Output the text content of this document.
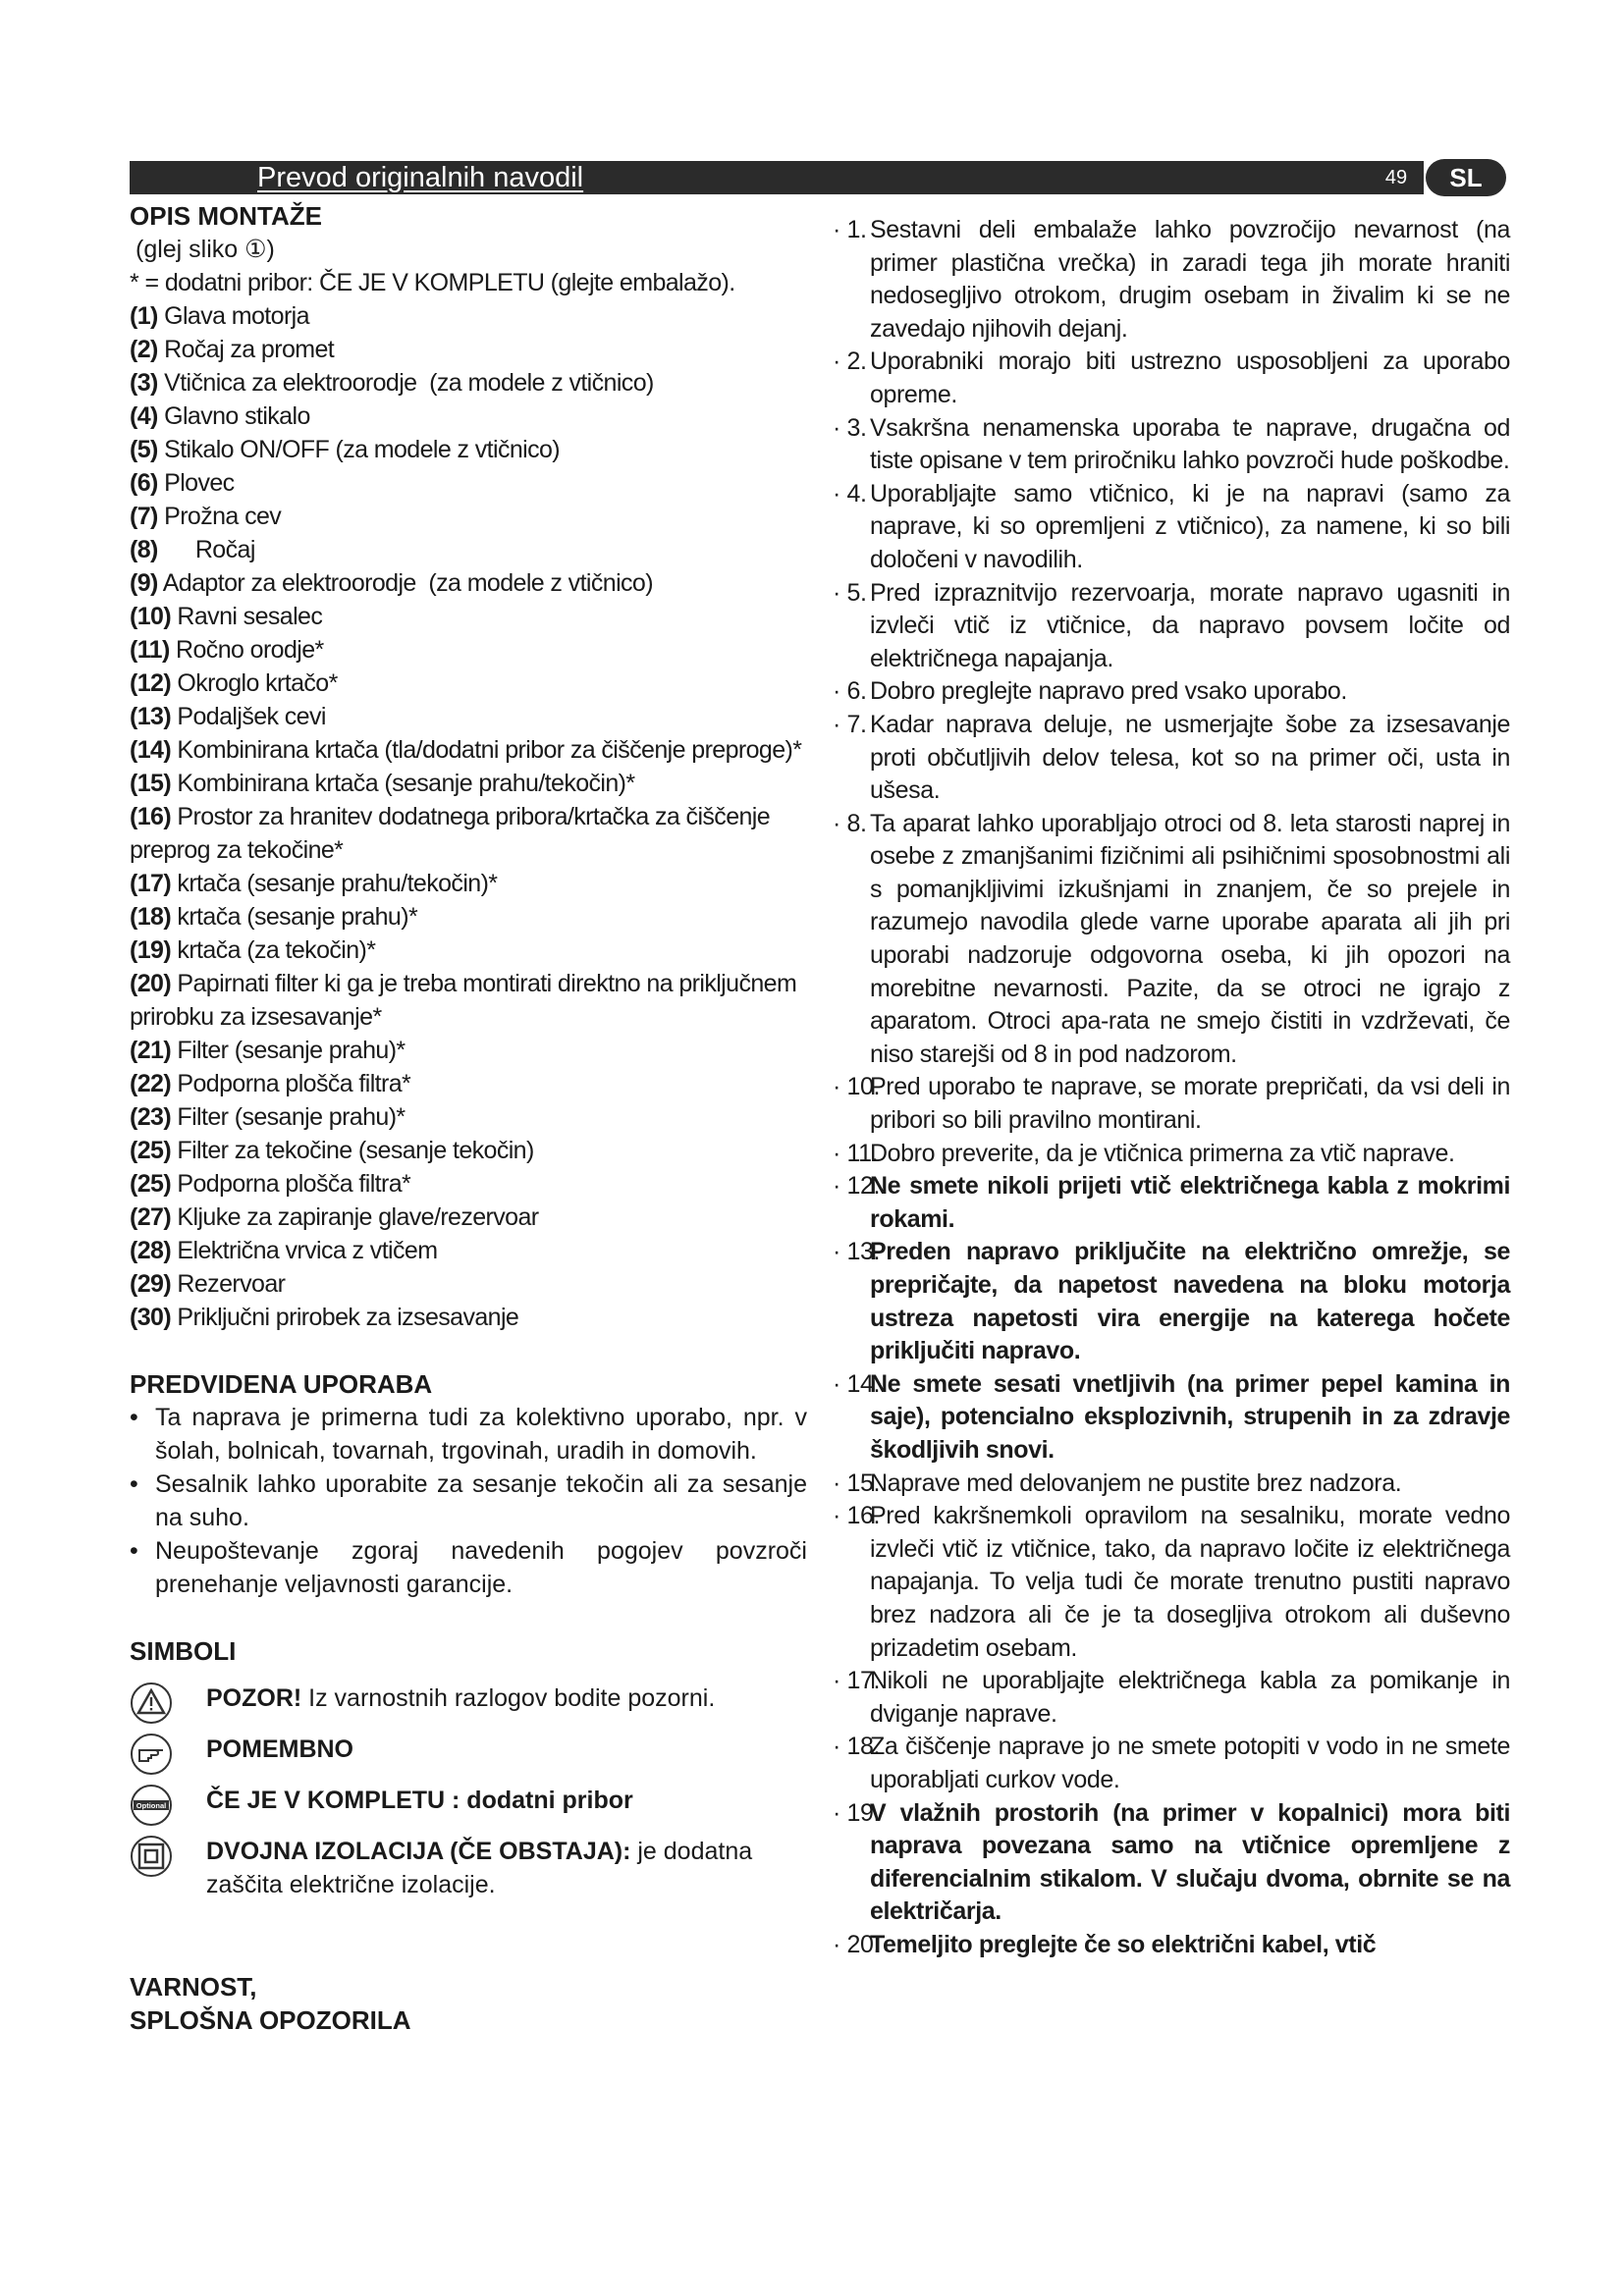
Prevod originalnih navodil	49	SL

OPIS MONTAŽE

(glej sliko ①)

* = dodatni pribor: ČE JE V KOMPLETU (glejte embalažo).

(1) Glava motorja

(2) Ročaj za promet

(3) Vtičnica za elektroorodje  (za modele z vtičnico)

(4) Glavno stikalo

(5) Stikalo ON/OFF (za modele z vtičnico)

(6) Plovec

(7) Prožna cev

(8)      Ročaj

(9) Adaptor za elektroorodje  (za modele z vtičnico)

(10) Ravni sesalec

(11) Ročno orodje*

(12) Okroglo krtačo*

(13) Podaljšek cevi

(14) Kombinirana krtača (tla/dodatni pribor za čiščenje preproge)*

(15) Kombinirana krtača (sesanje prahu/tekočin)*

(16) Prostor za hranitev dodatnega pribora/krtačka za čiščenje preprog za tekočine*

(17) krtača (sesanje prahu/tekočin)*

(18) krtača (sesanje prahu)*

(19) krtača (za tekočin)*

(20) Papirnati filter ki ga je treba montirati direktno na priključnem prirobku za izsesavanje*

(21) Filter (sesanje prahu)*

(22) Podporna plošča filtra*

(23) Filter (sesanje prahu)*

(25) Filter za tekočine (sesanje tekočin)

(25) Podporna plošča filtra*

(27) Kljuke za zapiranje glave/rezervoar

(28) Električna vrvica z vtičem

(29) Rezervoar

(30) Priključni prirobek za izsesavanje

PREDVIDENA UPORABA

• Ta naprava je primerna tudi za kolektivno uporabo, npr. v šolah, bolnicah, tovarnah, trgovinah, uradih in domovih.

• Sesalnik lahko uporabite za sesanje tekočin ali za sesanje na suho.

• Neupoštevanje zgoraj navedenih pogojev povzroči prenehanje veljavnosti garancije.

SIMBOLI

POZOR! Iz varnostnih razlogov bodite pozorni.
POMEMBNO
Optional ČE JE V KOMPLETU : dodatni pribor
DVOJNA IZOLACIJA (ČE OBSTAJA): je dodatna zaščita električne izolacije.

VARNOST,

SPLOŠNA OPOZORILA

· 1. Sestavni deli embalaže lahko povzročijo nevarnost (na primer plastična vrečka) in zaradi tega jih morate hraniti nedosegljivo otrokom, drugim osebam in živalim ki se ne zavedajo njihovih dejanj.

· 2. Uporabniki morajo biti ustrezno usposobljeni za uporabo opreme.

· 3. Vsakršna nenamenska uporaba te naprave, drugačna od tiste opisane v tem priročniku lahko povzroči hude poškodbe.

· 4. Uporabljajte samo vtičnico, ki je na napravi (samo za naprave, ki so opremljeni z vtičnico), za namene, ki so bili določeni v navodilih.

· 5. Pred izpraznitvijo rezervoarja, morate napravo ugasniti in izvleči vtič iz vtičnice, da napravo povsem ločite od električnega napajanja.

· 6. Dobro preglejte napravo pred vsako uporabo.

· 7. Kadar naprava deluje, ne usmerjajte šobe za izsesavanje proti občutljivih delov telesa, kot so na primer oči, usta in ušesa.

· 8. Ta aparat lahko uporabljajo otroci od 8. leta starosti naprej in osebe z zmanjšanimi fizičnimi ali psihičnimi sposobnostmi ali s pomanjkljivimi izkušnjami in znanjem, če so prejele in razumejo navodila glede varne uporabe aparata ali jih pri uporabi nadzoruje odgovorna oseba, ki jih opozori na morebitne nevarnosti. Pazite, da se otroci ne igrajo z aparatom. Otroci apa-rata ne smejo čistiti in vzdrževati, če niso starejši od 8 in pod nadzorom.

· 10.
Pred uporabo te naprave, se morate prepričati, da vsi deli in pribori so bili pravilno montirani.

· 11.
Dobro preverite, da je vtičnica primerna za vtič naprave.

· 12.
Ne smete nikoli prijeti vtič električnega kabla z mokrimi rokami.

· 13.
Preden napravo priključite na električno omrežje, se prepričajte, da napetost navedena na bloku motorja ustreza napetosti vira energije na katerega hočete priključiti napravo.

· 14.
Ne smete sesati vnetljivih (na primer pepel kamina in saje), potencialno eksplozivnih, strupenih in za zdravje škodljivih snovi.

· 15.
Naprave med delovanjem ne pustite brez nadzora.

· 16.
Pred kakršnemkoli opravilom na sesalniku, morate vedno izvleči vtič iz vtičnice, tako, da napravo ločite iz električnega napajanja. To velja tudi če morate trenutno pustiti napravo brez nadzora ali če je ta dosegljiva otrokom ali duševno prizadetim osebam.

· 17.
Nikoli ne uporabljajte električnega kabla za pomikanje in dviganje naprave.

· 18.
Za čiščenje naprave jo ne smete potopiti v vodo in ne smete uporabljati curkov vode.

· 19.
V vlažnih prostorih (na primer v kopalnici) mora biti naprava povezana samo na vtičnice opremljene z diferencialnim stikalom. V slučaju dvoma, obrnite se na električarja.

· 20.
Temeljito preglejte če so električni kabel, vtič
